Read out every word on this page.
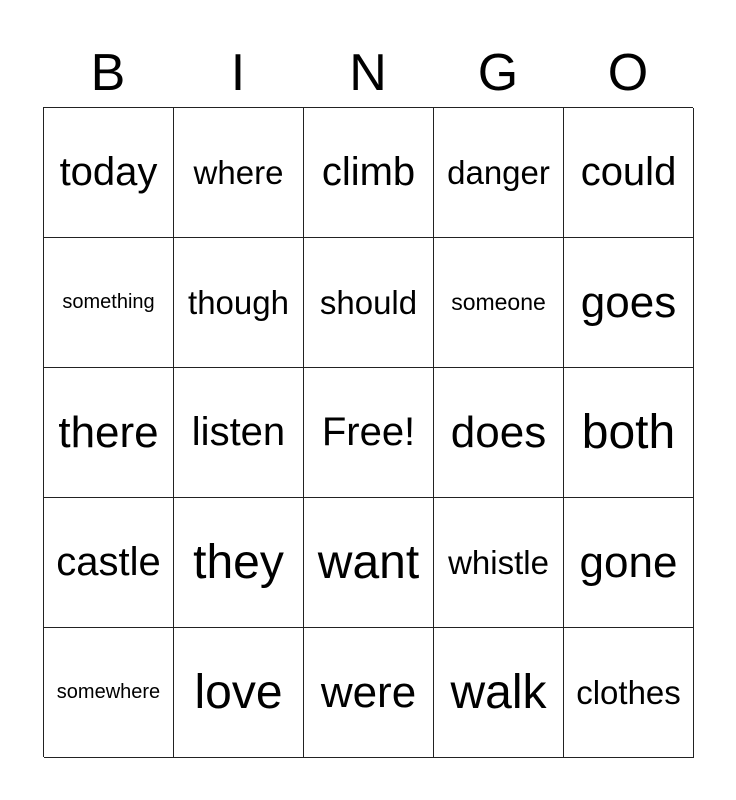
B	I	N	G	O
today	where climb danger could
something	though should	someone goes
there listen Free! does both
castle they want whistle gone
somewhere love were walk clothes
